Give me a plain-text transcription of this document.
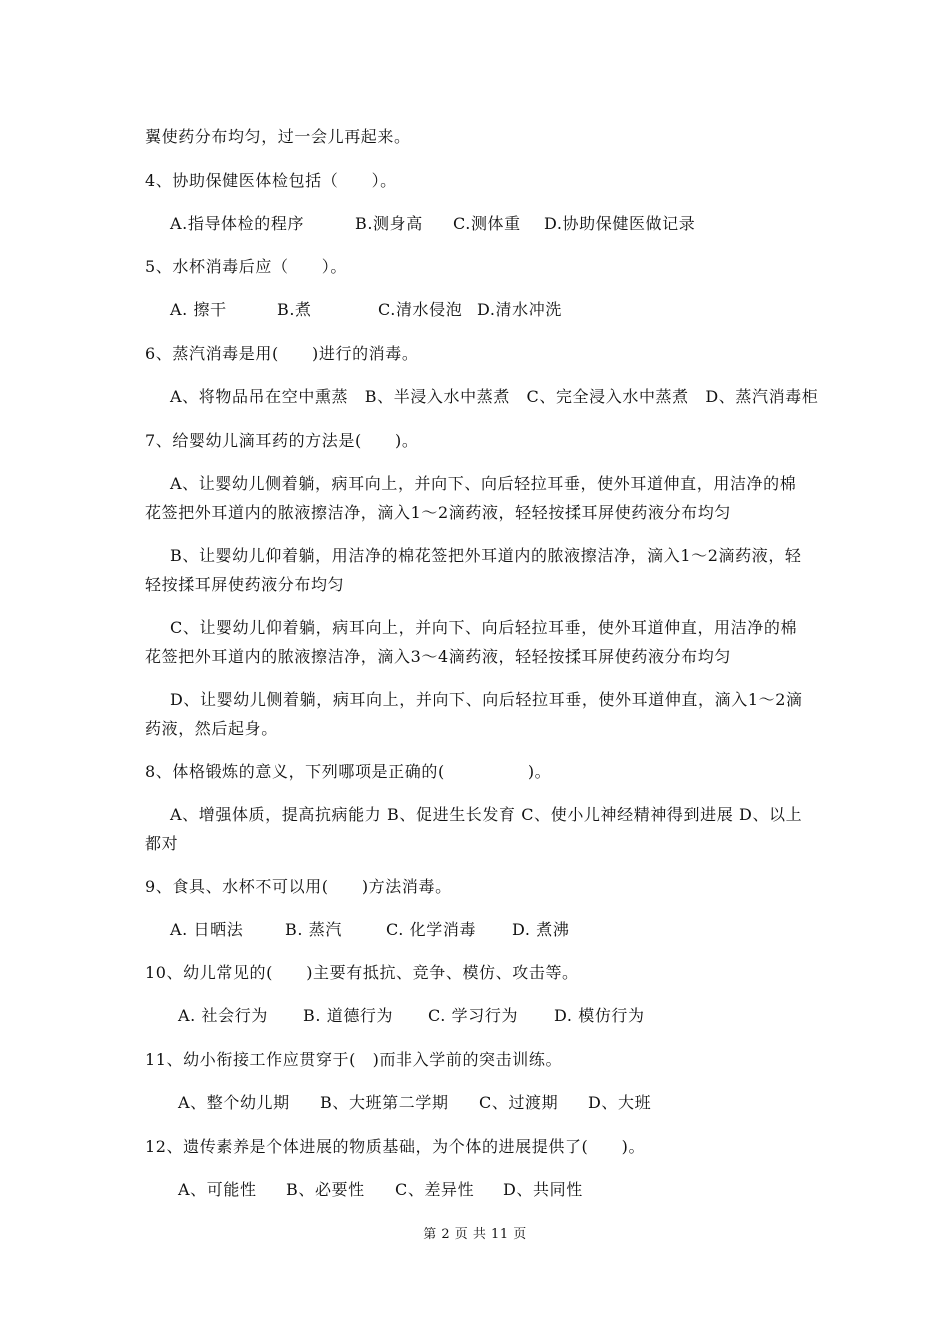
翼使药分布均匀，过一会儿再起来。
4、协助保健医体检包括（　　）。
A.指导体检的程序	B.测身高 C.测体重 D.协助保健医做记录
5、水杯消毒后应（　　）。
A. 擦干	B.煮	C.清水侵泡 D.清水冲洗
6、蒸汽消毒是用(　　)进行的消毒。
A、将物品吊在空中熏蒸　B、半浸入水中蒸煮　C、完全浸入水中蒸煮　D、蒸汽消毒柜
7、给婴幼儿滴耳药的方法是(　　)。
A、让婴幼儿侧着躺，病耳向上，并向下、向后轻拉耳垂，使外耳道伸直，用洁净的棉
花签把外耳道内的脓液擦洁净，滴入1～2滴药液，轻轻按揉耳屏使药液分布均匀
B、让婴幼儿仰着躺，用洁净的棉花签把外耳道内的脓液擦洁净，滴入1～2滴药液，轻
轻按揉耳屏使药液分布均匀
C、让婴幼儿仰着躺，病耳向上，并向下、向后轻拉耳垂，使外耳道伸直，用洁净的棉
花签把外耳道内的脓液擦洁净，滴入3～4滴药液，轻轻按揉耳屏使药液分布均匀
D、让婴幼儿侧着躺，病耳向上，并向下、向后轻拉耳垂，使外耳道伸直，滴入1～2滴
药液，然后起身。
8、体格锻炼的意义，下列哪项是正确的(　　　　　)。
A、增强体质，提高抗病能力 B、促进生长发育 C、使小儿神经精神得到进展 D、以上
都对
9、食具、水杯不可以用(　　)方法消毒。
A. 日晒法	B. 蒸汽	C. 化学消毒 D. 煮沸
10、幼儿常见的(　　)主要有抵抗、竞争、模仿、攻击等。
A. 社会行为 B. 道德行为 C. 学习行为 D. 模仿行为
11、幼小衔接工作应贯穿于(　)而非入学前的突击训练。
A、整个幼儿期 B、大班第二学期 C、过渡期 D、大班
12、遗传素养是个体进展的物质基础，为个体的进展提供了(　　)。
A、可能性 B、必要性 C、差异性 D、共同性
第 2 页 共 11 页
